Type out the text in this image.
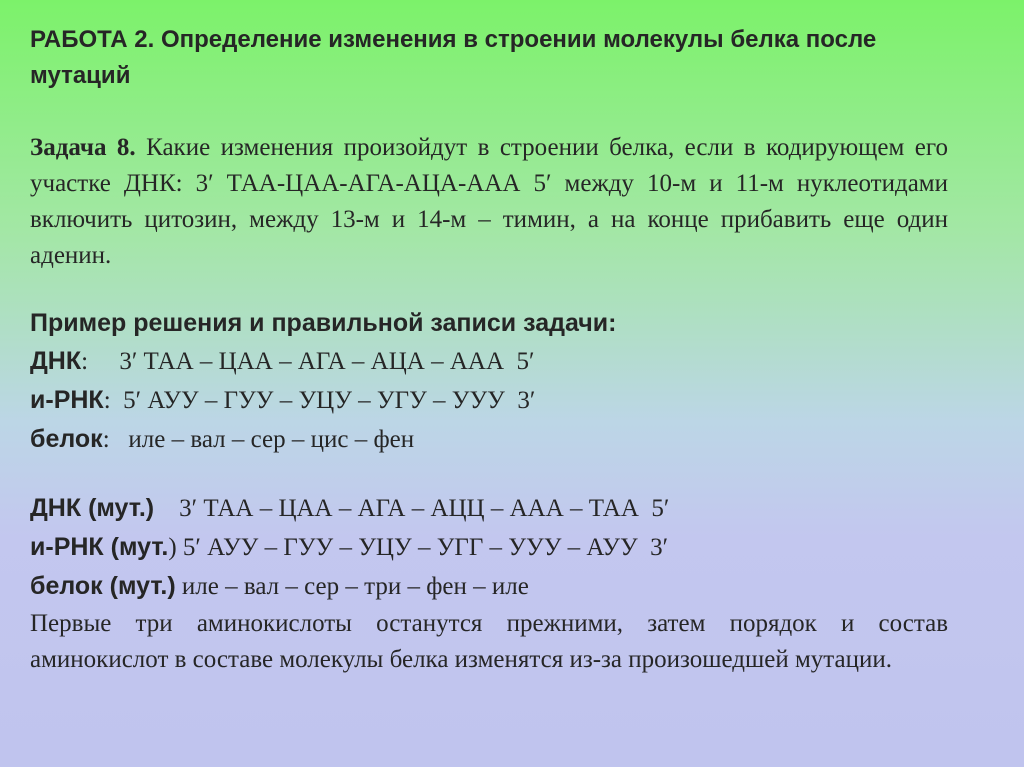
РАБОТА 2. Определение изменения в строении молекулы белка после мутаций

Задача 8. Какие изменения произойдут в строении белка, если в кодирующем его участке ДНК: 3′ ТАА-ЦАА-АГА-АЦА-ААА 5′ между 10-м и 11-м нуклеотидами включить цитозин, между 13-м и 14-м – тимин, а на конце прибавить еще один аденин.
Пример решения и правильной записи задачи:
ДНК:     3′ ТАА – ЦАА – АГА – АЦА – ААА  5′
и-РНК:  5′ АУУ – ГУУ – УЦУ – УГУ – УУУ  3′
белок:   иле – вал – сер – цис – фен
ДНК (мут.)    3′ ТАА – ЦАА – АГА – АЦЦ – ААА – ТАА  5′
и-РНК (мут.) 5′ АУУ – ГУУ – УЦУ – УГГ – УУУ – АУУ  3′
белок (мут.) иле – вал – сер – три – фен – иле
Первые три аминокислоты останутся прежними, затем порядок и состав аминокислот в составе молекулы белка изменятся из-за произошедшей мутации.
